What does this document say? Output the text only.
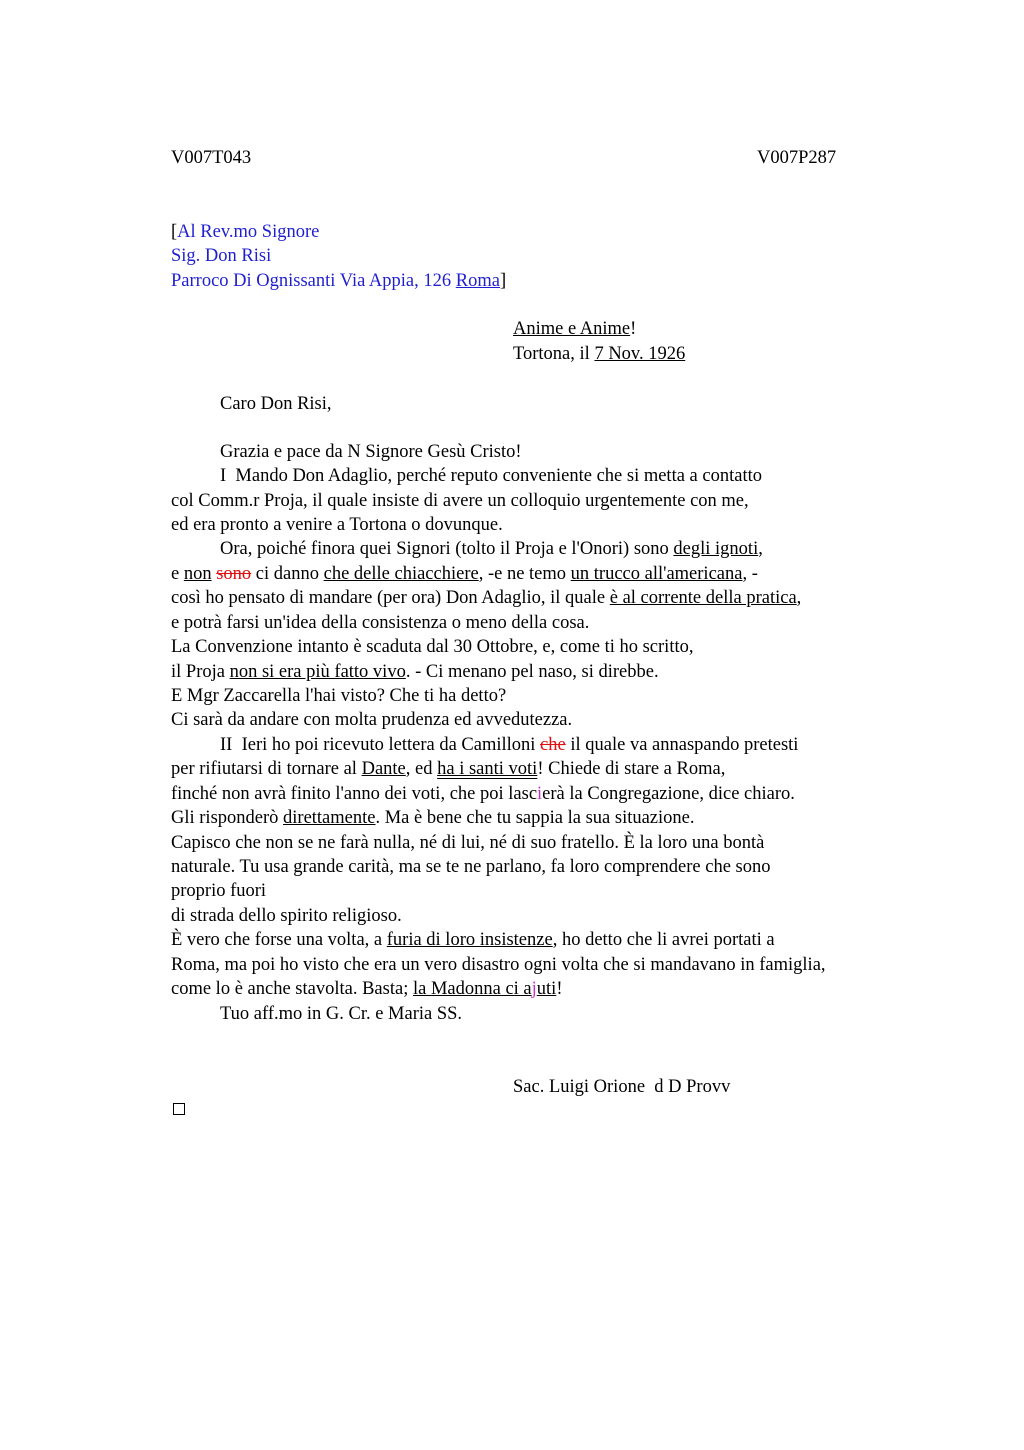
V007T043	V007P287
[Al Rev.mo Signore
Sig. Don Risi
Parroco Di Ognissanti Via Appia, 126 Roma]
Anime e Anime!
Tortona, il 7 Nov. 1926
Caro Don Risi,
Grazia e pace da N Signore Gesù Cristo!
I  Mando Don Adaglio, perché reputo conveniente che si metta a contatto
col Comm.r Proja, il quale insiste di avere un colloquio urgentemente con me,
ed era pronto a venire a Tortona o dovunque.
Ora, poiché finora quei Signori (tolto il Proja e l'Onori) sono degli ignoti,
e non sono ci danno che delle chiacchiere, -e ne temo un trucco all'americana, -
così ho pensato di mandare (per ora) Don Adaglio, il quale è al corrente della pratica,
e potrà farsi un'idea della consistenza o meno della cosa.
La Convenzione intanto è scaduta dal 30 Ottobre, e, come ti ho scritto,
il Proja non si era più fatto vivo. - Ci menano pel naso, si direbbe.
E Mgr Zaccarella l'hai visto? Che ti ha detto?
Ci sarà da andare con molta prudenza ed avvedutezza.
II  Ieri ho poi ricevuto lettera da Camilloni che il quale va annaspando pretesti
per rifiutarsi di tornare al Dante, ed ha i santi voti! Chiede di stare a Roma,
finché non avrà finito l'anno dei voti, che poi lascierà la Congregazione, dice chiaro.
Gli risponderò direttamente. Ma è bene che tu sappia la sua situazione.
Capisco che non se ne farà nulla, né di lui, né di suo fratello. È la loro una bontà
naturale. Tu usa grande carità, ma se te ne parlano, fa loro comprendere che sono
proprio fuori
di strada dello spirito religioso.
È vero che forse una volta, a furia di loro insistenze, ho detto che li avrei portati a
Roma, ma poi ho visto che era un vero disastro ogni volta che si mandavano in famiglia,
come lo è anche stavolta. Basta; la Madonna ci ajuti!
Tuo aff.mo in G. Cr. e Maria SS.
Sac. Luigi Orione  d D Provv
